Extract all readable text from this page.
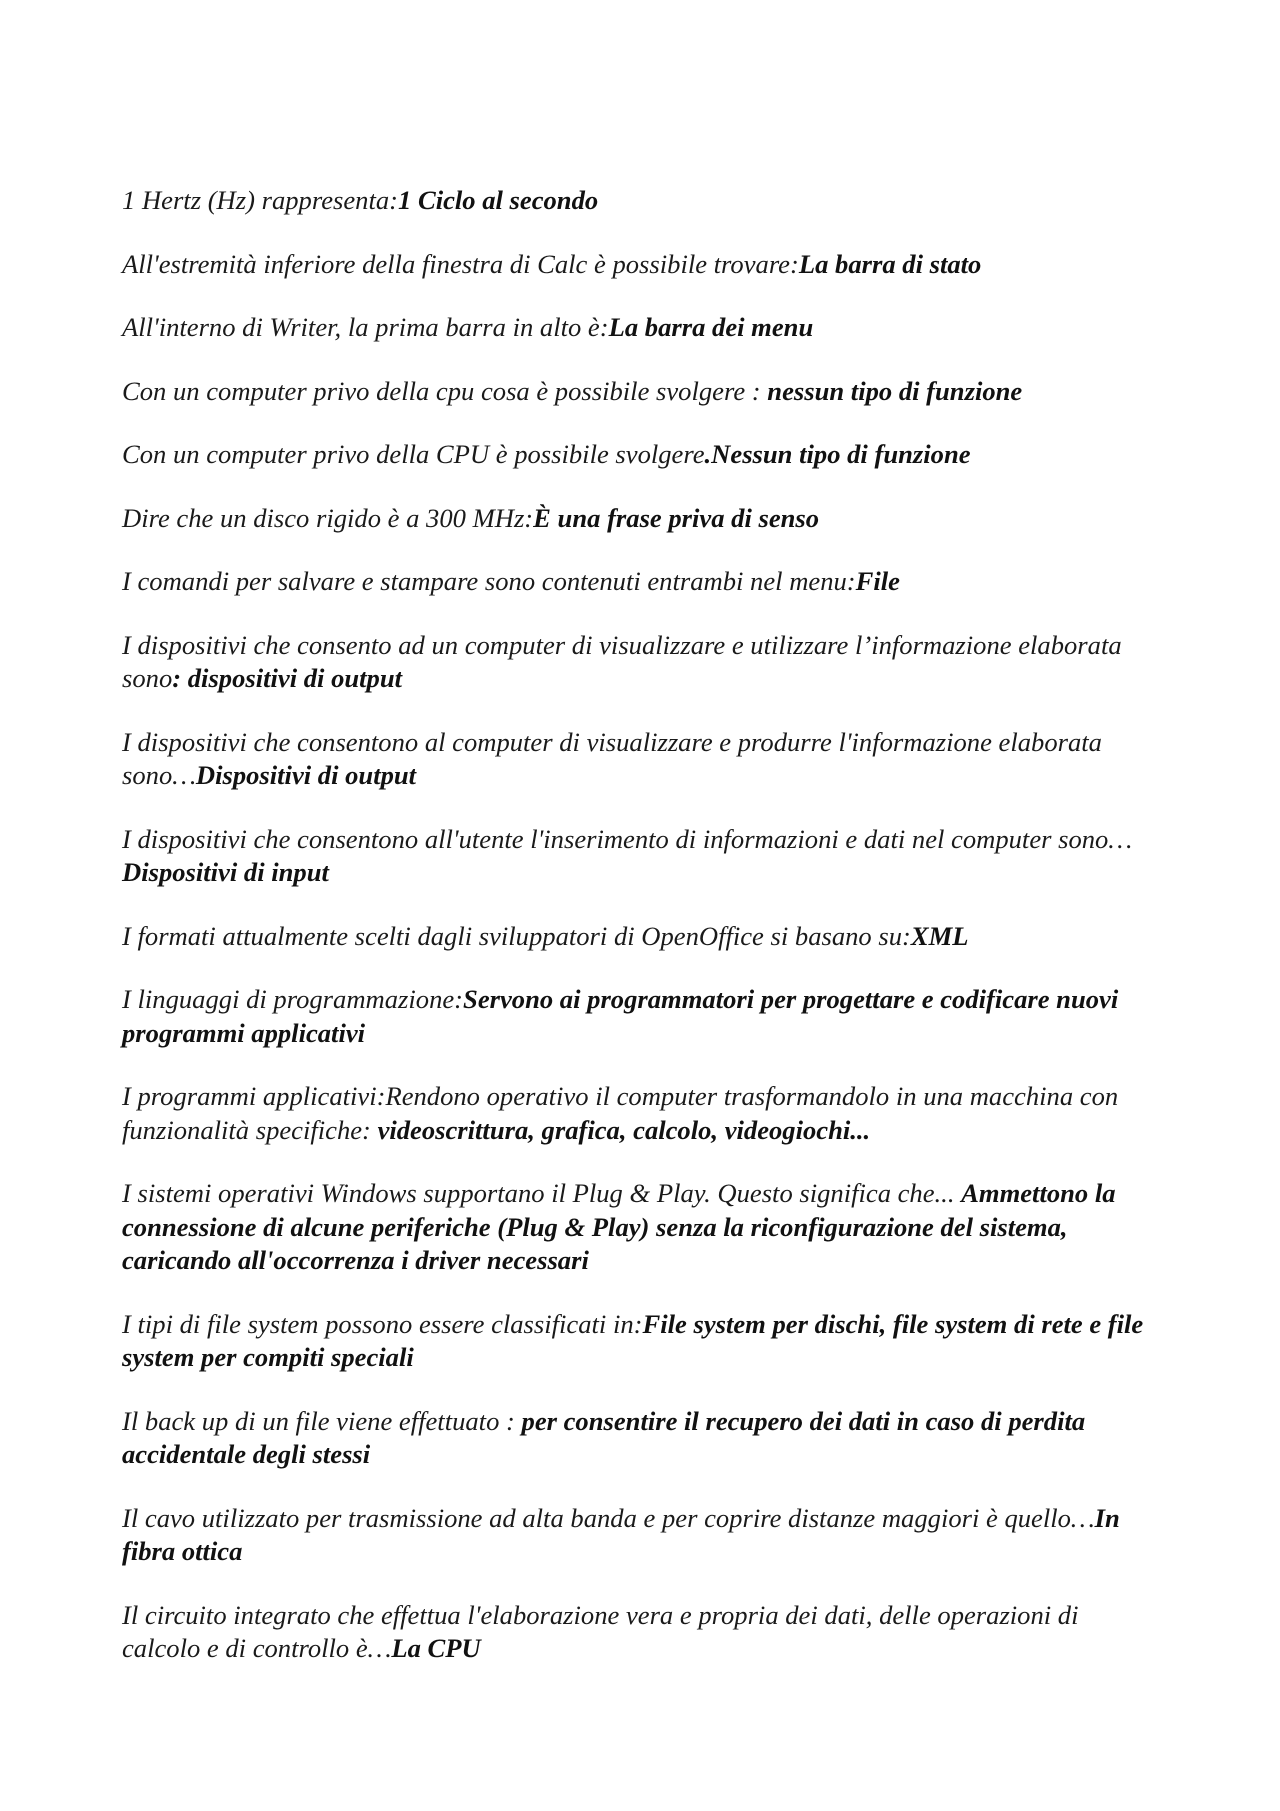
1 Hertz (Hz) rappresenta:1 Ciclo al secondo

All'estremità inferiore della finestra di Calc è possibile trovare:La barra di stato

All'interno di Writer, la prima barra in alto è:La barra dei menu

Con un computer privo della cpu cosa è possibile svolgere : nessun tipo di funzione

Con un computer privo della CPU è possibile svolgere.Nessun tipo di funzione

Dire che un disco rigido è a 300 MHz:È una frase priva di senso

I comandi per salvare e stampare sono contenuti entrambi nel menu:File

I dispositivi che consento ad un computer di visualizzare e utilizzare l’informazione elaborata sono: dispositivi di output

I dispositivi che consentono al computer di visualizzare e produrre l'informazione elaborata sono…Dispositivi di output

I dispositivi che consentono all'utente l'inserimento di informazioni e dati nel computer sono…Dispositivi di input

I formati attualmente scelti dagli sviluppatori di OpenOffice si basano su:XML

I linguaggi di programmazione:Servono ai programmatori per progettare e codificare nuovi programmi applicativi

I programmi applicativi:Rendono operativo il computer trasformandolo in una macchina con funzionalità specifiche: videoscrittura, grafica, calcolo, videogiochi...

I sistemi operativi Windows supportano il Plug & Play. Questo significa che... Ammettono la connessione di alcune periferiche (Plug & Play) senza la riconfigurazione del sistema, caricando all'occorrenza i driver necessari

I tipi di file system possono essere classificati in:File system per dischi, file system di rete e file system per compiti speciali

Il back up di un file viene effettuato : per consentire il recupero dei dati in caso di perdita accidentale degli stessi

Il cavo utilizzato per trasmissione ad alta banda e per coprire distanze maggiori è quello…In fibra ottica

Il circuito integrato che effettua l'elaborazione vera e propria dei dati, delle operazioni di calcolo e di controllo è…La CPU
